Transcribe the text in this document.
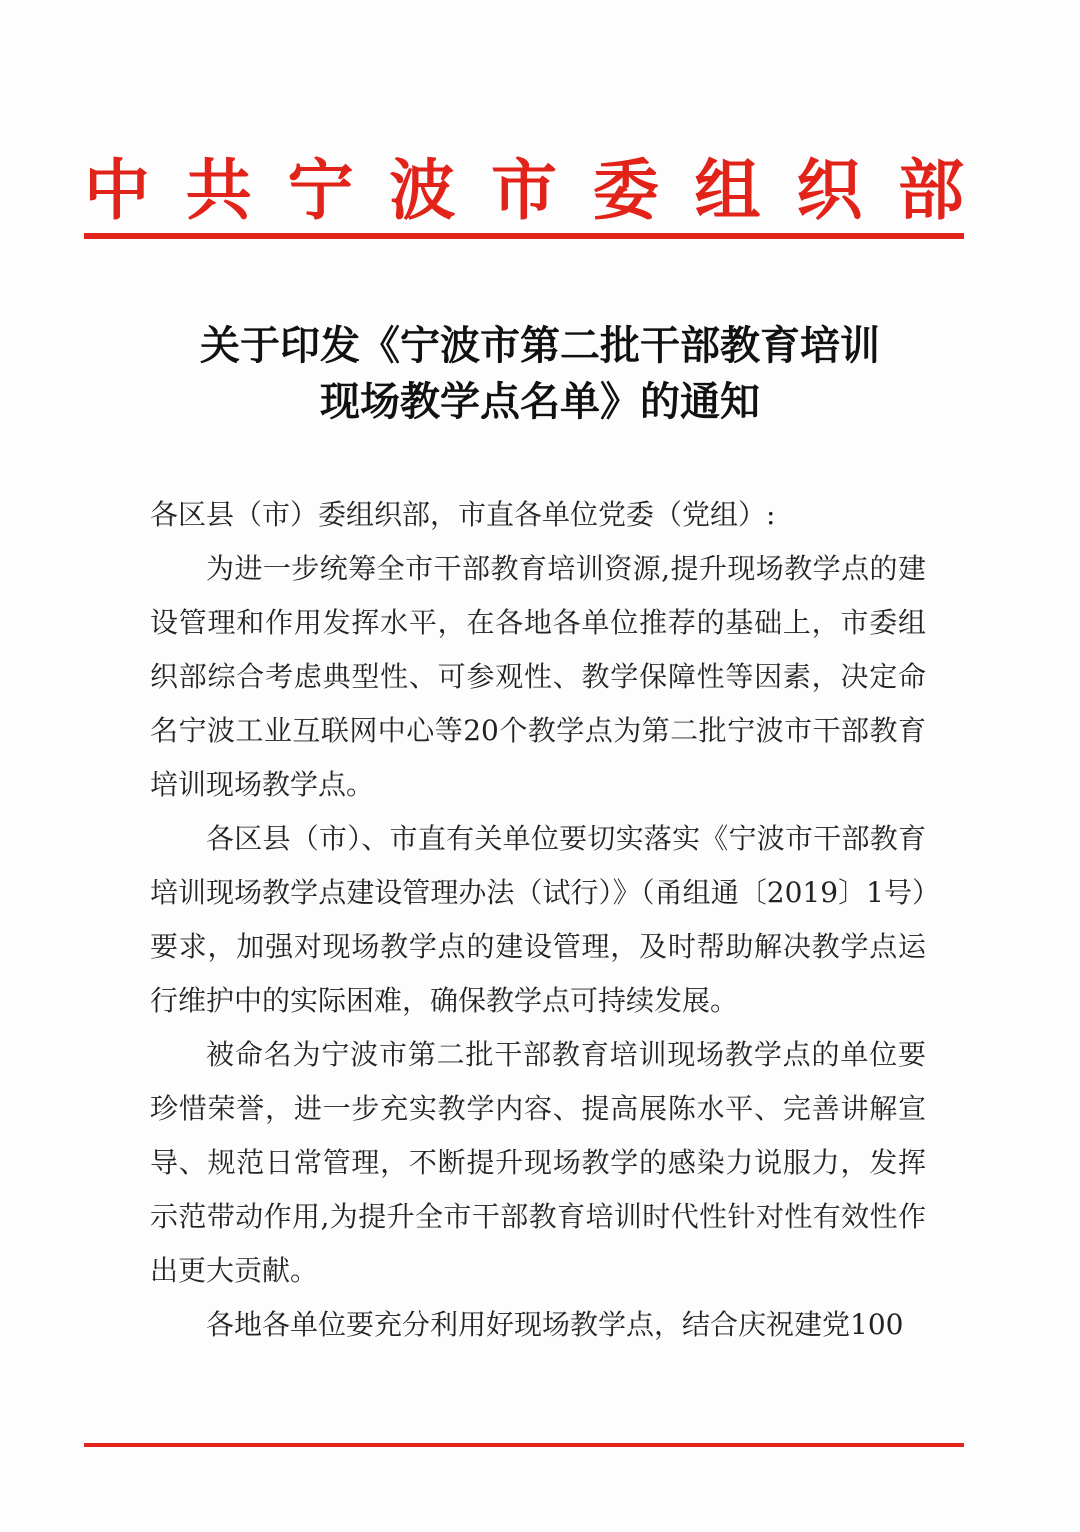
中 共 宁 波 市 委 组 织 部
关于印发《宁波市第二批干部教育培训
现场教学点名单》的通知

各区县（市）委组织部，市直各单位党委（党组）:

为进一步统筹全市干部教育培训资源,提升现场教学点的建设管理和作用发挥水平，在各地各单位推荐的基础上，市委组织部综合考虑典型性、可参观性、教学保障性等因素，决定命名宁波工业互联网中心等20个教学点为第二批宁波市干部教育培训现场教学点。

各区县（市）、市直有关单位要切实落实《宁波市干部教育培训现场教学点建设管理办法（试行）》（甬组通〔2019〕1号）要求，加强对现场教学点的建设管理，及时帮助解决教学点运行维护中的实际困难，确保教学点可持续发展。

被命名为宁波市第二批干部教育培训现场教学点的单位要珍惜荣誉，进一步充实教学内容、提高展陈水平、完善讲解宣导、规范日常管理，不断提升现场教学的感染力说服力，发挥示范带动作用,为提升全市干部教育培训时代性针对性有效性作出更大贡献。

各地各单位要充分利用好现场教学点，结合庆祝建党100
